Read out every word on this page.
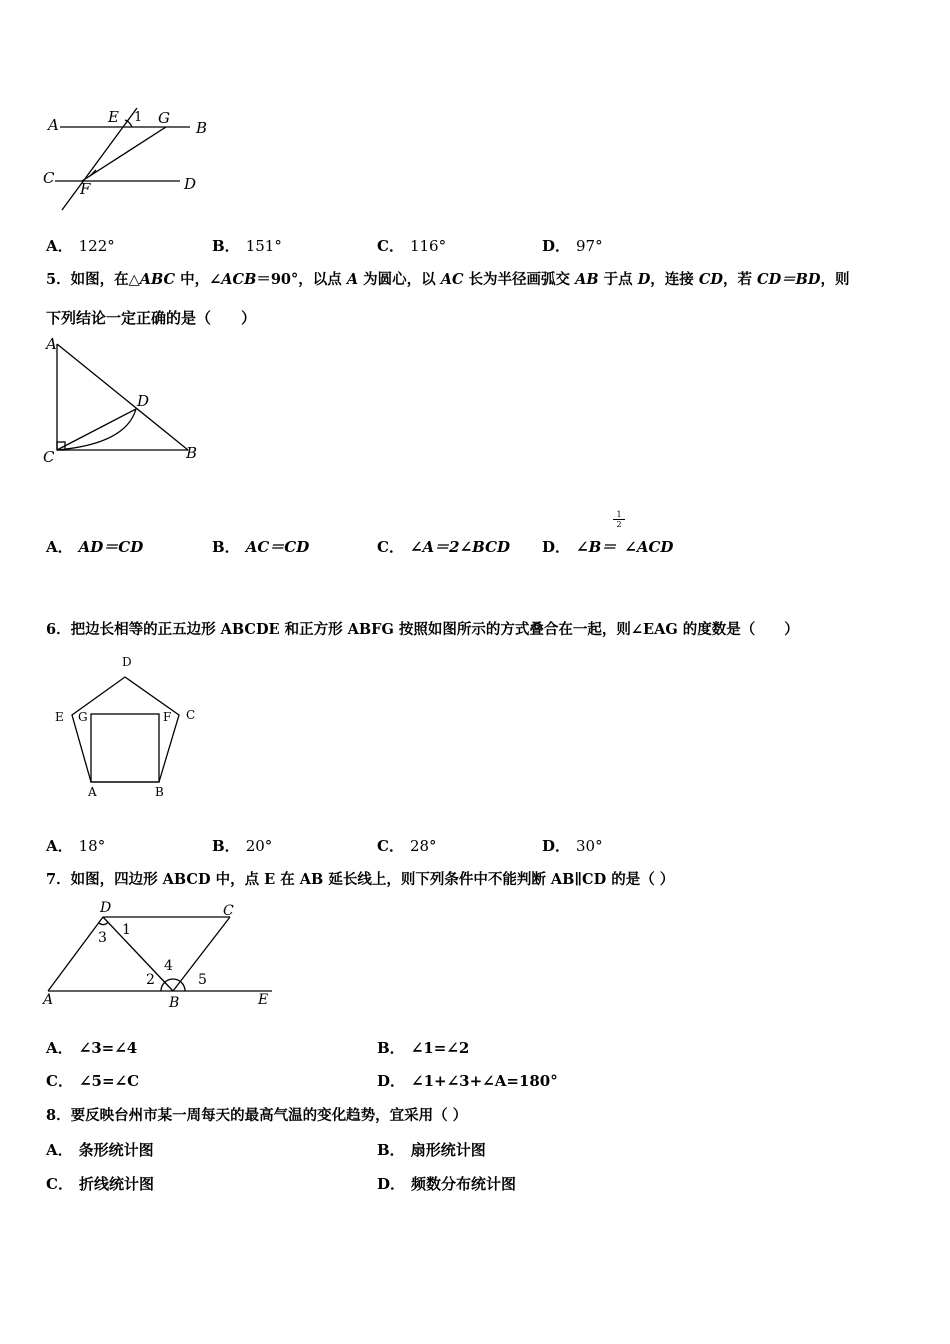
A	E 1 G
B
C
F	D
A． 122°	B． 151°	C． 116°	D． 97°
5．如图，在△ABC 中，∠ACB＝90°，以点 A 为圆心，以 AC 长为半径画弧交 AB 于点 D，连接 CD，若 CD＝BD，则
下列结论一定正确的是（　　）
A
D
C	B
A． AD＝CD	B． AC＝CD	C． ∠A＝2∠BCD D． ∠B＝ ∠ACD
$\frac{1}{2}$
6．把边长相等的正五边形 ABCDE 和正方形 ABFG 按照如图所示的方式叠合在一起，则∠EAG 的度数是（　　）
D
E G	F C
A	B
A． 18°	B． 20°	C． 28°	D． 30°
7．如图，四边形 ABCD 中，点 E 在 AB 延长线上，则下列条件中不能判断 AB∥CD 的是（ ）
D	C
3 1
2
4
5
A	B	E
A． ∠3=∠4	B． ∠1=∠2
C． ∠5=∠C	D． ∠1+∠3+∠A=180°
8．要反映台州市某一周每天的最高气温的变化趋势，宜采用（ ）
A． 条形统计图	B． 扇形统计图
C． 折线统计图	D． 频数分布统计图
